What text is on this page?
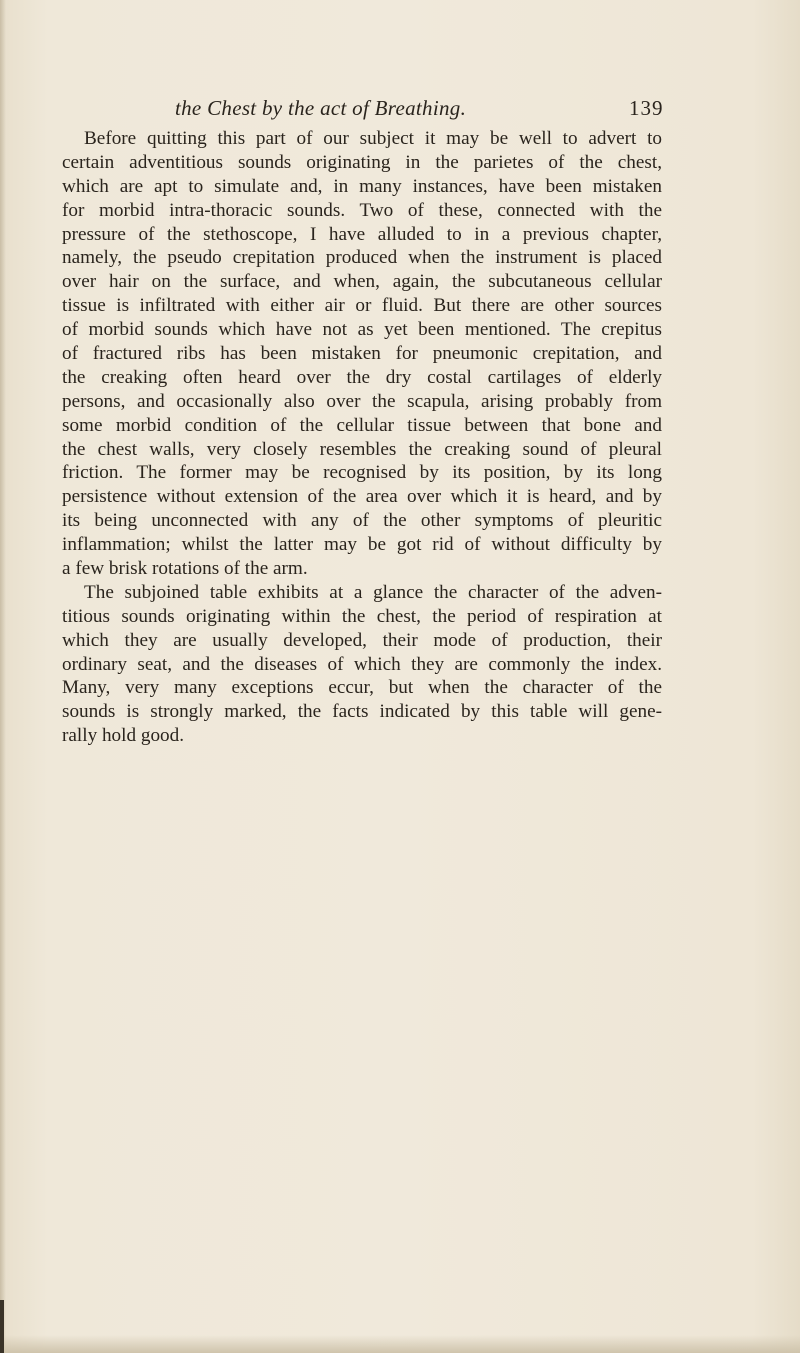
the Chest by the act of Breathing.	139

Before quitting this part of our subject it may be well to advert to
certain adventitious sounds originating in the parietes of the chest,
which are apt to simulate and, in many instances, have been mistaken
for morbid intra-thoracic sounds. Two of these, connected with the
pressure of the stethoscope, I have alluded to in a previous chapter,
namely, the pseudo crepitation produced when the instrument is placed
over hair on the surface, and when, again, the subcutaneous cellular
tissue is infiltrated with either air or fluid. But there are other sources
of morbid sounds which have not as yet been mentioned. The crepitus
of fractured ribs has been mistaken for pneumonic crepitation, and
the creaking often heard over the dry costal cartilages of elderly
persons, and occasionally also over the scapula, arising probably from
some morbid condition of the cellular tissue between that bone and
the chest walls, very closely resembles the creaking sound of pleural
friction. The former may be recognised by its position, by its long
persistence without extension of the area over which it is heard, and by
its being unconnected with any of the other symptoms of pleuritic
inflammation; whilst the latter may be got rid of without difficulty by
a few brisk rotations of the arm.

The subjoined table exhibits at a glance the character of the adven-
titious sounds originating within the chest, the period of respiration at
which they are usually developed, their mode of production, their
ordinary seat, and the diseases of which they are commonly the index.
Many, very many exceptions eccur, but when the character of the
sounds is strongly marked, the facts indicated by this table will gene-
rally hold good.
